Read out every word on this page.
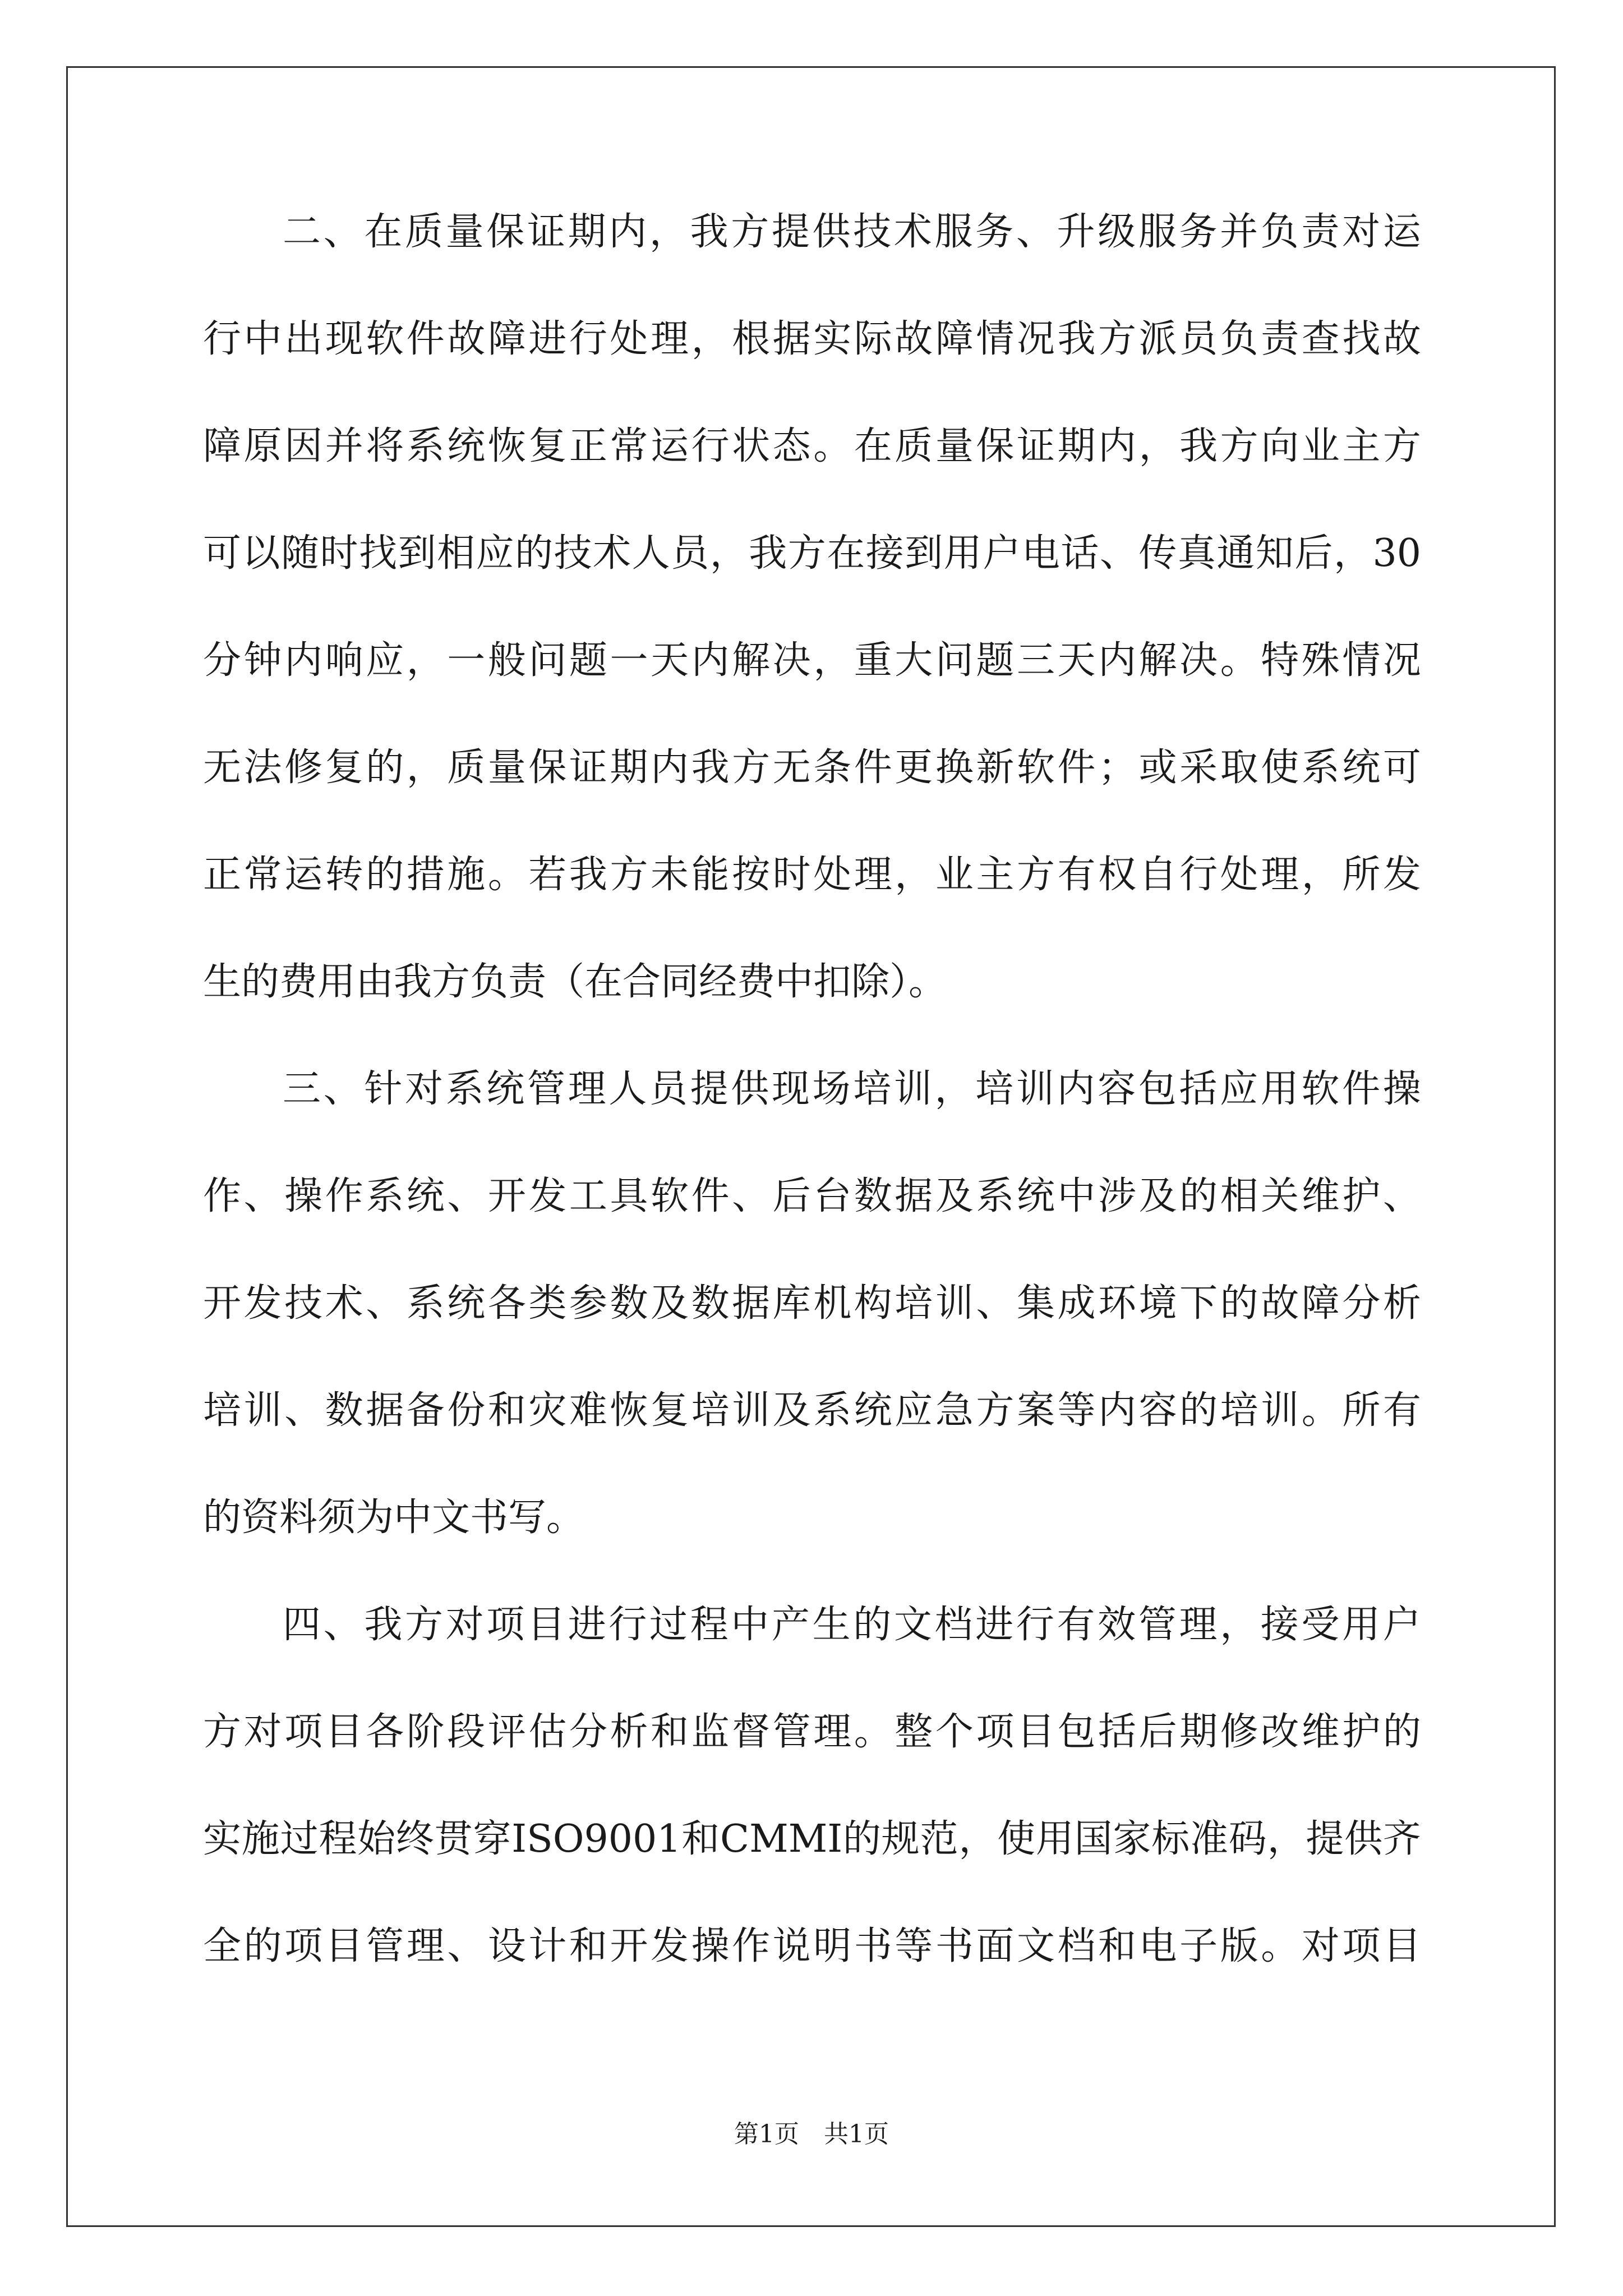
二 、 在 质 量 保 证 期 内 ， 我 方 提 供 技 术 服 务 、 升 级 服 务 并 负 责 对 运
行 中 出 现 软 件 故 障 进 行 处 理 ， 根 据 实 际 故 障 情 况 我 方 派 员 负 责 查 找 故
障 原 因 并 将 系 统 恢 复 正 常 运 行 状 态 。 在 质 量 保 证 期 内 ， 我 方 向 业 主 方
可 以 随 时 找 到 相 应 的 技 术 人 员 ， 我 方 在 接 到 用 户 电 话 、 传 真 通 知 后 ， 30
分 钟 内 响 应 ， 一 般 问 题 一 天 内 解 决 ， 重 大 问 题 三 天 内 解 决 。 特 殊 情 况
无 法 修 复 的 ， 质 量 保 证 期 内 我 方 无 条 件 更 换 新 软 件 ； 或 采 取 使 系 统 可
正 常 运 转 的 措 施 。 若 我 方 未 能 按 时 处 理 ， 业 主 方 有 权 自 行 处 理 ， 所 发
生的费用由我方负责（在合同经费中扣除）。
三 、 针 对 系 统 管 理 人 员 提 供 现 场 培 训 ， 培 训 内 容 包 括 应 用 软 件 操
作 、 操 作 系 统 、 开 发 工 具 软 件 、 后 台 数 据 及 系 统 中 涉 及 的 相 关 维 护 、
开 发 技 术 、 系 统 各 类 参 数 及 数 据 库 机 构 培 训 、 集 成 环 境 下 的 故 障 分 析
培 训 、 数 据 备 份 和 灾 难 恢 复 培 训 及 系 统 应 急 方 案 等 内 容 的 培 训 。 所 有
的资料须为中文书写。
四 、 我 方 对 项 目 进 行 过 程 中 产 生 的 文 档 进 行 有 效 管 理 ， 接 受 用 户
方 对 项 目 各 阶 段 评 估 分 析 和 监 督 管 理 。 整 个 项 目 包 括 后 期 修 改 维 护 的
实 施 过 程 始 终 贯 穿 ISO9001 和 CMMI 的 规 范 ， 使 用 国 家 标 准 码 ， 提 供 齐
全 的 项 目 管 理 、 设 计 和 开 发 操 作 说 明 书 等 书 面 文 档 和 电 子 版 。 对 项 目
第1页　共1页
